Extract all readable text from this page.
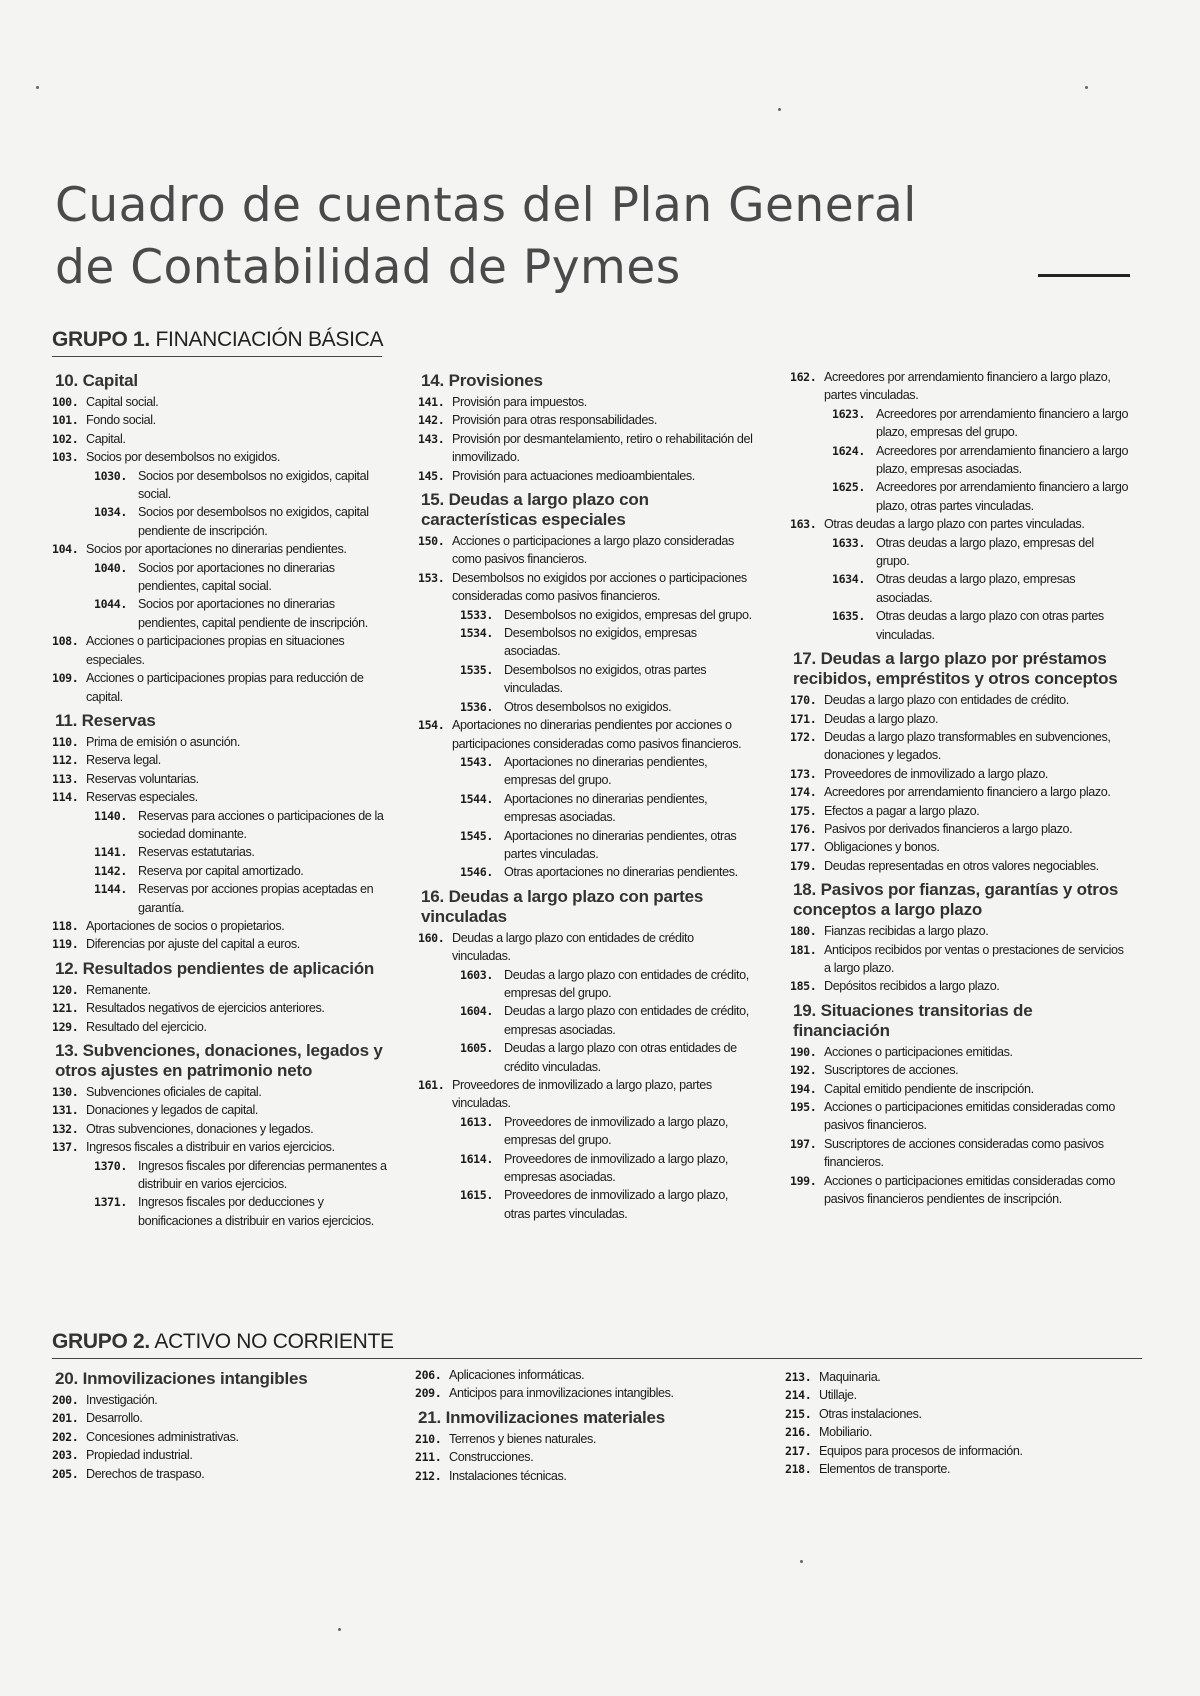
Cuadro de cuentas del Plan General
de Contabilidad de Pymes
GRUPO 1. FINANCIACIÓN BÁSICA
10. Capital
100. Capital social.
101. Fondo social.
102. Capital.
103. Socios por desembolsos no exigidos.
1030. Socios por desembolsos no exigidos, capital social.
1034. Socios por desembolsos no exigidos, capital pendiente de inscripción.
104. Socios por aportaciones no dinerarias pendientes.
1040. Socios por aportaciones no dinerarias pendientes, capital social.
1044. Socios por aportaciones no dinerarias pendientes, capital pendiente de inscripción.
108. Acciones o participaciones propias en situaciones especiales.
109. Acciones o participaciones propias para reducción de capital.
11. Reservas
110. Prima de emisión o asunción.
112. Reserva legal.
113. Reservas voluntarias.
114. Reservas especiales.
1140. Reservas para acciones o participaciones de la sociedad dominante.
1141. Reservas estatutarias.
1142. Reserva por capital amortizado.
1144. Reservas por acciones propias aceptadas en garantía.
118. Aportaciones de socios o propietarios.
119. Diferencias por ajuste del capital a euros.
12. Resultados pendientes de aplicación
120. Remanente.
121. Resultados negativos de ejercicios anteriores.
129. Resultado del ejercicio.
13. Subvenciones, donaciones, legados y otros ajustes en patrimonio neto
130. Subvenciones oficiales de capital.
131. Donaciones y legados de capital.
132. Otras subvenciones, donaciones y legados.
137. Ingresos fiscales a distribuir en varios ejercicios.
1370. Ingresos fiscales por diferencias permanentes a distribuir en varios ejercicios.
1371. Ingresos fiscales por deducciones y bonificaciones a distribuir en varios ejercicios.
14. Provisiones
141. Provisión para impuestos.
142. Provisión para otras responsabilidades.
143. Provisión por desmantelamiento, retiro o rehabilitación del inmovilizado.
145. Provisión para actuaciones medioambientales.
15. Deudas a largo plazo con características especiales
150. Acciones o participaciones a largo plazo consideradas como pasivos financieros.
153. Desembolsos no exigidos por acciones o participaciones consideradas como pasivos financieros.
1533. Desembolsos no exigidos, empresas del grupo.
1534. Desembolsos no exigidos, empresas asociadas.
1535. Desembolsos no exigidos, otras partes vinculadas.
1536. Otros desembolsos no exigidos.
154. Aportaciones no dinerarias pendientes por acciones o participaciones consideradas como pasivos financieros.
1543. Aportaciones no dinerarias pendientes, empresas del grupo.
1544. Aportaciones no dinerarias pendientes, empresas asociadas.
1545. Aportaciones no dinerarias pendientes, otras partes vinculadas.
1546. Otras aportaciones no dinerarias pendientes.
16. Deudas a largo plazo con partes vinculadas
160. Deudas a largo plazo con entidades de crédito vinculadas.
1603. Deudas a largo plazo con entidades de crédito, empresas del grupo.
1604. Deudas a largo plazo con entidades de crédito, empresas asociadas.
1605. Deudas a largo plazo con otras entidades de crédito vinculadas.
161. Proveedores de inmovilizado a largo plazo, partes vinculadas.
1613. Proveedores de inmovilizado a largo plazo, empresas del grupo.
1614. Proveedores de inmovilizado a largo plazo, empresas asociadas.
1615. Proveedores de inmovilizado a largo plazo, otras partes vinculadas.
162. Acreedores por arrendamiento financiero a largo plazo, partes vinculadas.
1623. Acreedores por arrendamiento financiero a largo plazo, empresas del grupo.
1624. Acreedores por arrendamiento financiero a largo plazo, empresas asociadas.
1625. Acreedores por arrendamiento financiero a largo plazo, otras partes vinculadas.
163. Otras deudas a largo plazo con partes vinculadas.
1633. Otras deudas a largo plazo, empresas del grupo.
1634. Otras deudas a largo plazo, empresas asociadas.
1635. Otras deudas a largo plazo con otras partes vinculadas.
17. Deudas a largo plazo por préstamos recibidos, empréstitos y otros conceptos
170. Deudas a largo plazo con entidades de crédito.
171. Deudas a largo plazo.
172. Deudas a largo plazo transformables en subvenciones, donaciones y legados.
173. Proveedores de inmovilizado a largo plazo.
174. Acreedores por arrendamiento financiero a largo plazo.
175. Efectos a pagar a largo plazo.
176. Pasivos por derivados financieros a largo plazo.
177. Obligaciones y bonos.
179. Deudas representadas en otros valores negociables.
18. Pasivos por fianzas, garantías y otros conceptos a largo plazo
180. Fianzas recibidas a largo plazo.
181. Anticipos recibidos por ventas o prestaciones de servicios a largo plazo.
185. Depósitos recibidos a largo plazo.
19. Situaciones transitorias de financiación
190. Acciones o participaciones emitidas.
192. Suscriptores de acciones.
194. Capital emitido pendiente de inscripción.
195. Acciones o participaciones emitidas consideradas como pasivos financieros.
197. Suscriptores de acciones consideradas como pasivos financieros.
199. Acciones o participaciones emitidas consideradas como pasivos financieros pendientes de inscripción.
GRUPO 2. ACTIVO NO CORRIENTE
20. Inmovilizaciones intangibles
200. Investigación.
201. Desarrollo.
202. Concesiones administrativas.
203. Propiedad industrial.
205. Derechos de traspaso.
206. Aplicaciones informáticas.
209. Anticipos para inmovilizaciones intangibles.
21. Inmovilizaciones materiales
210. Terrenos y bienes naturales.
211. Construcciones.
212. Instalaciones técnicas.
213. Maquinaria.
214. Utillaje.
215. Otras instalaciones.
216. Mobiliario.
217. Equipos para procesos de información.
218. Elementos de transporte.
